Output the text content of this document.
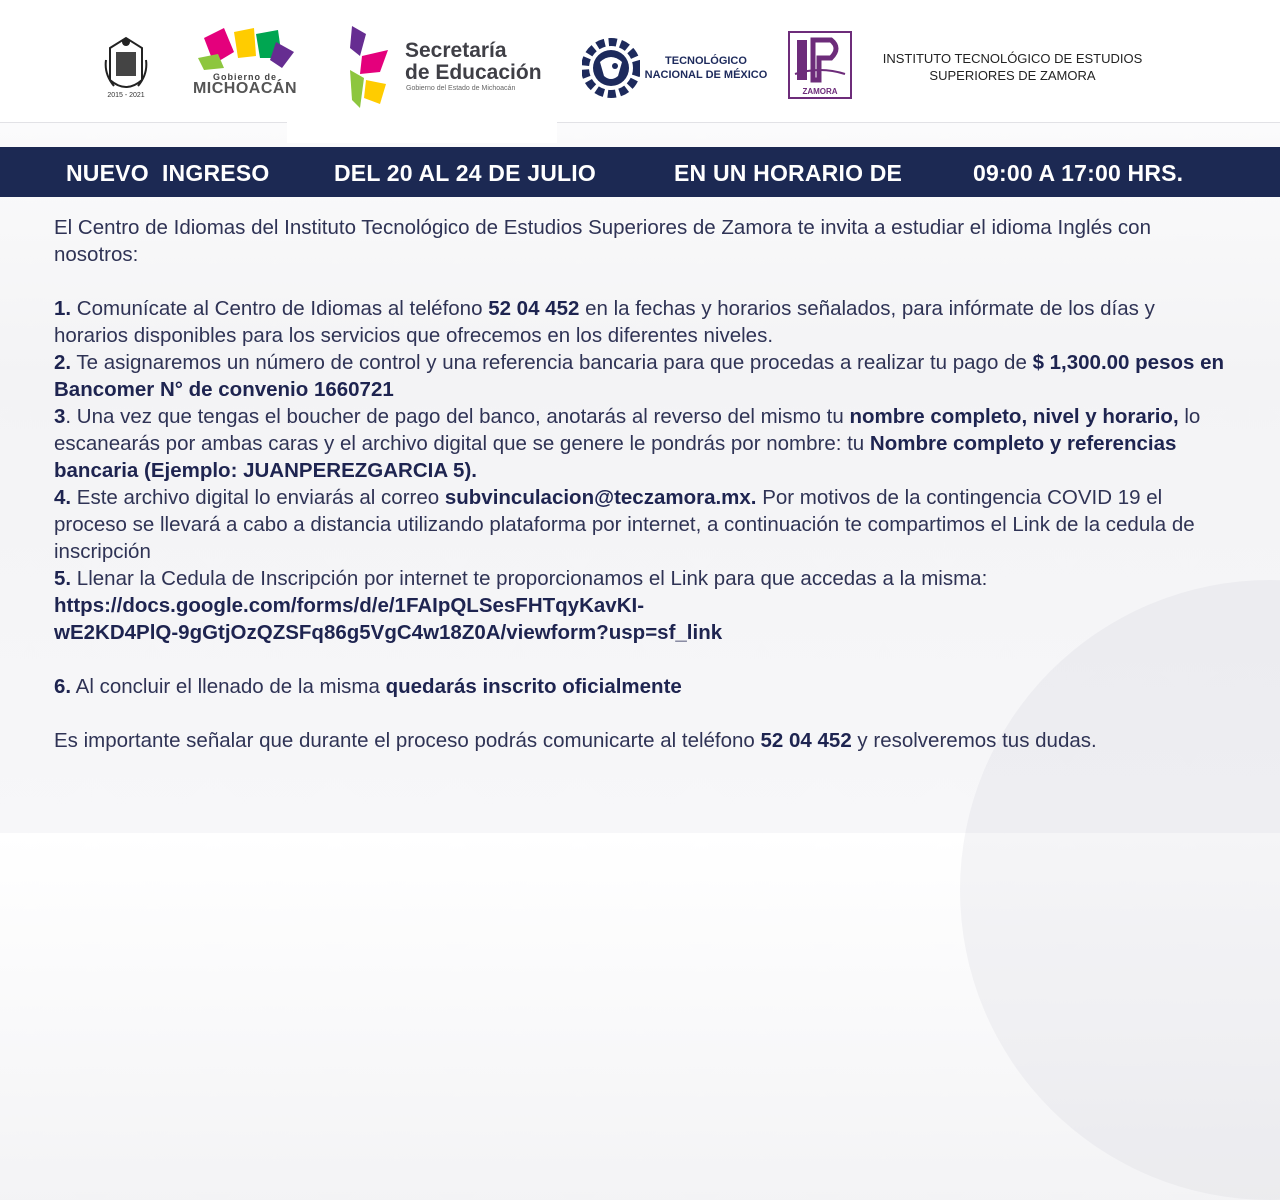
2015 - 2021
Gobierno de
MICHOACÁN
Secretaría
de Educación
Gobierno del Estado de Michoacán
TECNOLÓGICO
NACIONAL DE MÉXICO
ZAMORA
INSTITUTO TECNOLÓGICO DE ESTUDIOS
SUPERIORES DE ZAMORA
NUEVO  INGRESO	DEL 20 AL 24 DE JULIO	EN UN HORARIO DE	09:00 A 17:00 HRS.

El Centro de Idiomas del Instituto Tecnológico de Estudios Superiores de Zamora te invita a estudiar el idioma Inglés con nosotros:

1. Comunícate al Centro de Idiomas al teléfono 52 04 452 en la fechas y horarios señalados, para infórmate de los días y horarios disponibles para los servicios que ofrecemos en los diferentes niveles.

2. Te asignaremos un número de control y una referencia bancaria para que procedas a realizar tu pago de $ 1,300.00 pesos en Bancomer N° de convenio 1660721

3. Una vez que tengas el boucher de pago del banco, anotarás al reverso del mismo tu nombre completo, nivel y horario, lo escanearás por ambas caras y el archivo digital que se genere le pondrás por nombre: tu Nombre completo y referencias bancaria (Ejemplo: JUANPEREZGARCIA 5).

4. Este archivo digital lo enviarás al correo subvinculacion@teczamora.mx. Por motivos de la contingencia COVID 19 el proceso se llevará a cabo a distancia utilizando plataforma por internet, a continuación te compartimos el Link de la cedula de inscripción

5. Llenar la Cedula de Inscripción por internet te proporcionamos el Link para que accedas a la misma:

https://docs.google.com/forms/d/e/1FAIpQLSesFHTqyKavKI-
wE2KD4PlQ-9gGtjOzQZSFq86g5VgC4w18Z0A/viewform?usp=sf_link

6. Al concluir el llenado de la misma quedarás inscrito oficialmente

Es importante señalar que durante el proceso podrás comunicarte al teléfono 52 04 452 y resolveremos tus dudas.
